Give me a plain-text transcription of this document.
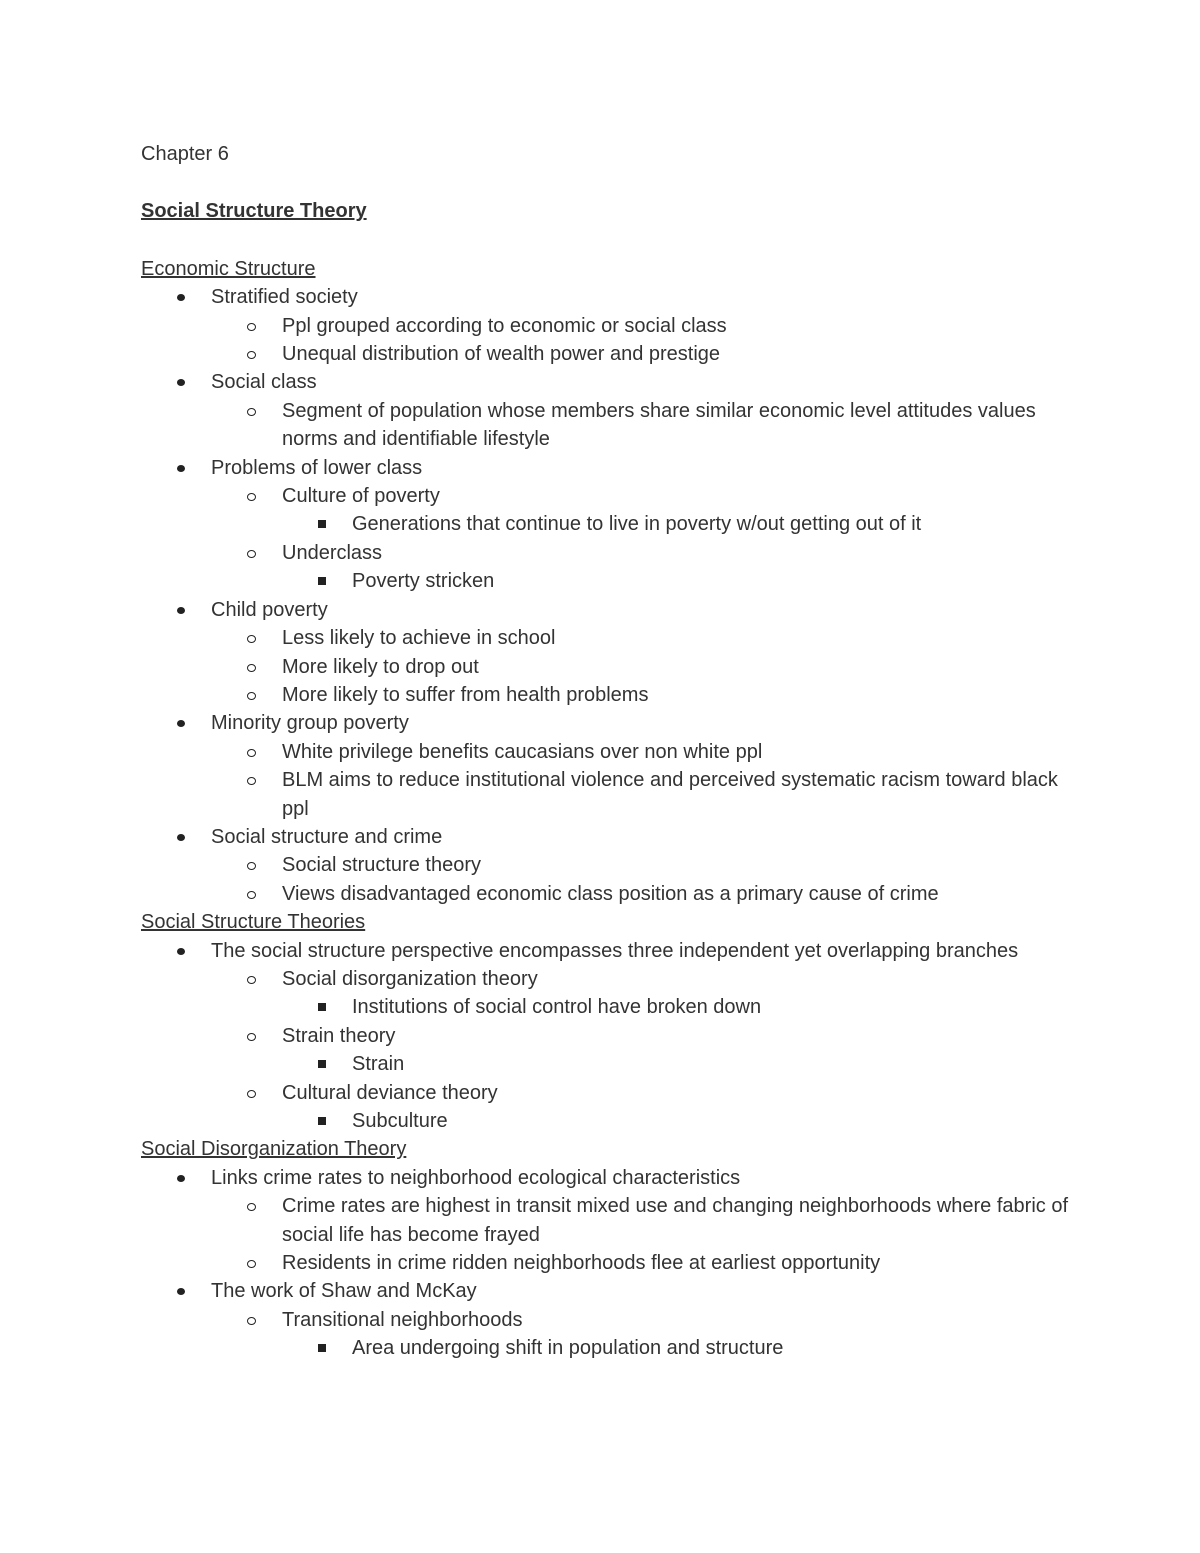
Chapter 6

Social Structure Theory
Economic Structure
Stratified society
Ppl grouped according to economic or social class
Unequal distribution of wealth power and prestige
Social class
Segment of population whose members share similar economic level attitudes values norms and identifiable lifestyle
Problems of lower class
Culture of poverty
Generations that continue to live in poverty w/out getting out of it
Underclass
Poverty stricken
Child poverty
Less likely to achieve in school
More likely to drop out
More likely to suffer from health problems
Minority group poverty
White privilege benefits caucasians over non white ppl
BLM aims to reduce institutional violence and perceived systematic racism toward black ppl
Social structure and crime
Social structure theory
Views disadvantaged economic class position as a primary cause of crime
Social Structure Theories
The social structure perspective encompasses three independent yet overlapping branches
Social disorganization theory
Institutions of social control have broken down
Strain theory
Strain
Cultural deviance theory
Subculture
Social Disorganization Theory
Links crime rates to neighborhood ecological characteristics
Crime rates are highest in transit mixed use and changing neighborhoods where fabric of social life has become frayed
Residents in crime ridden neighborhoods flee at earliest opportunity
The work of Shaw and McKay
Transitional neighborhoods
Area undergoing shift in population and structure
